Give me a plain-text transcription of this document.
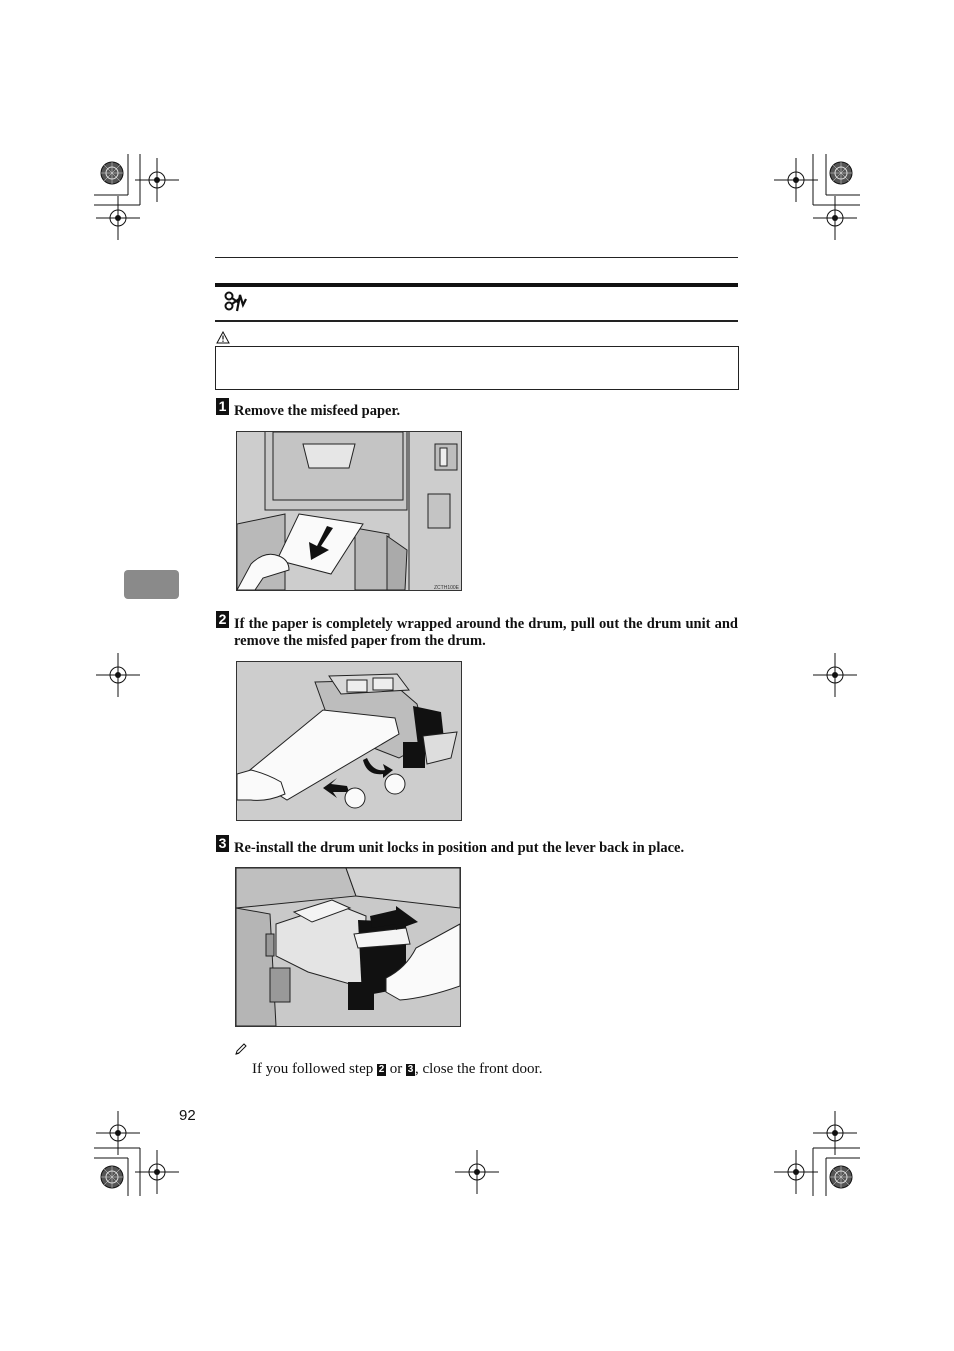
1 Remove the misfeed paper.
ZCTH100E
2 If the paper is completely wrapped around the drum, pull out the drum unit and remove the misfed paper from the drum.
3 Re-install the drum unit locks in position and put the lever back in place.
If you followed step 2 or 3 , close the front door.
92
